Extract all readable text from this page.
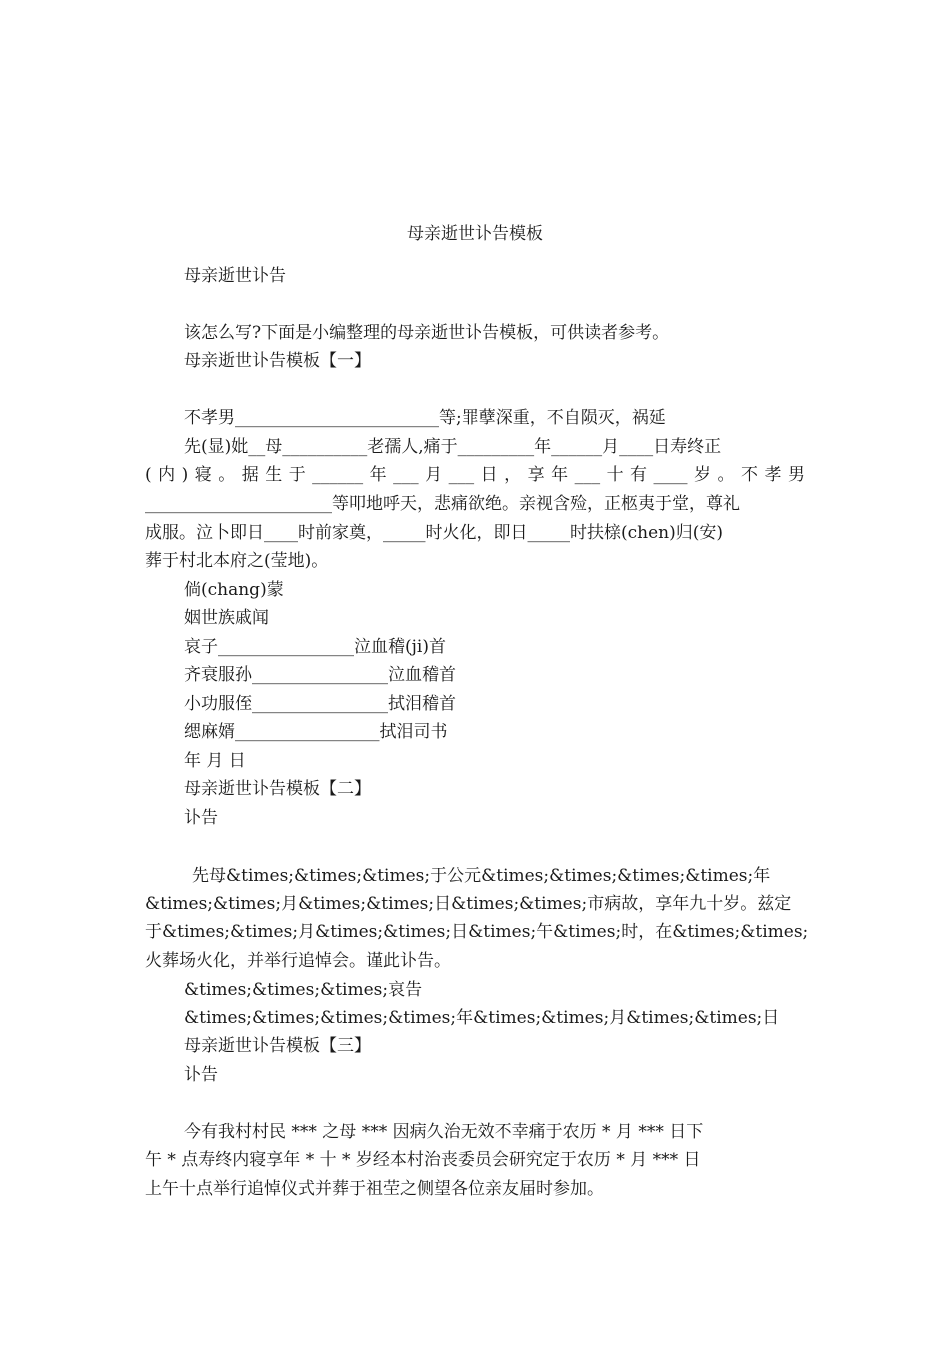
母亲逝世讣告模板
母亲逝世讣告
该怎么写?下面是小编整理的母亲逝世讣告模板，可供读者参考。
母亲逝世讣告模板【一】
不孝男________________________等;罪孽深重，不自陨灭，祸延
先(显)妣__母__________老孺人,痛于_________年______月____日寿终正
(内)寝。据生于______年___月___日，享年___十有____岁。不孝男
______________________等叩地呼天，悲痛欲绝。亲视含殓，正柩夷于堂，尊礼
成服。泣卜即日____时前家奠，_____时火化，即日_____时扶榇(chen)归(安)
葬于村北本府之(莹地)。
倘(chang)蒙
姻世族戚闻
哀子________________泣血稽(ji)首
齐衰服孙________________泣血稽首
小功服侄________________拭泪稽首
缌麻婿_________________拭泪司书
年 月 日
母亲逝世讣告模板【二】
讣告
先母&times;&times;&times;于公元&times;&times;&times;&times;年
&times;&times;月&times;&times;日&times;&times;市病故，享年九十岁。兹定
于&times;&times;月&times;&times;日&times;午&times;时，在&times;&times;
火葬场火化，并举行追悼会。谨此讣告。
&times;&times;&times;哀告
&times;&times;&times;&times;年&times;&times;月&times;&times;日
母亲逝世讣告模板【三】
讣告
今有我村村民 *** 之母 *** 因病久治无效不幸痛于农历 * 月 *** 日下
午 * 点寿终内寝享年 * 十 * 岁经本村治丧委员会研究定于农历 * 月 *** 日
上午十点举行追悼仪式并葬于祖茔之侧望各位亲友届时参加。
